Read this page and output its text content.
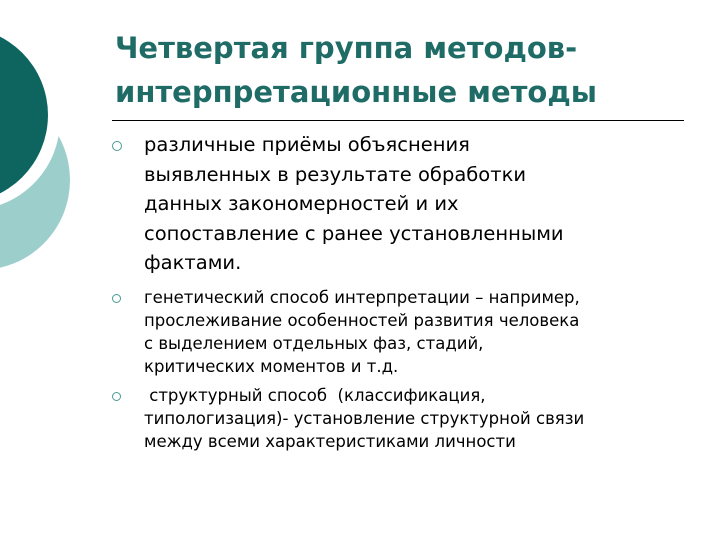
Четвертая группа методов-
интерпретационные методы
различные приёмы объяснения
выявленных в результате обработки
данных закономерностей и их
сопоставление с ранее установленными
фактами.
генетический способ интерпретации – например,
прослеживание особенностей развития человека
с выделением отдельных фаз, стадий,
критических моментов и т.д.
структурный способ  (классификация,
типологизация)- установление структурной связи
между всеми характеристиками личности
